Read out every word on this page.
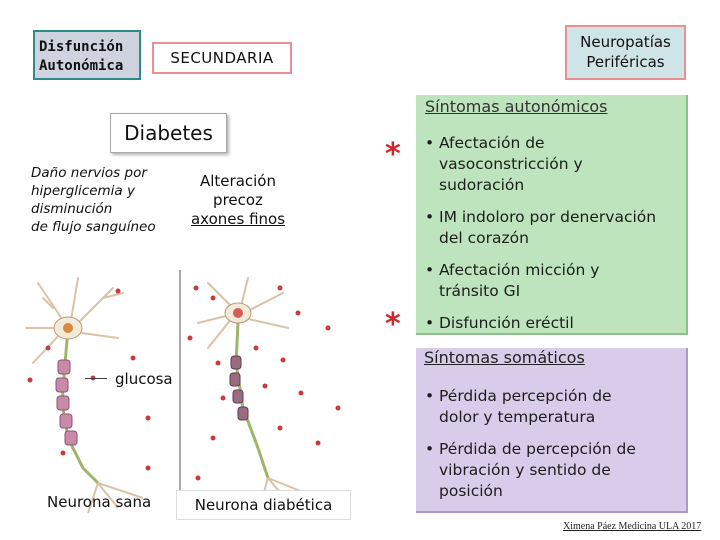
Disfunción
Autonómica	SECUNDARIA
Neuropatías
Periféricas
Diabetes
Daño nervios por
hiperglicemia y
disminución
de flujo sanguíneo
Alteración
precoz
axones finos
glucosa
Neurona sana	Neurona diabética
*
*
Síntomas autonómicos
• Afectación de
vasoconstricción y
sudoración
• IM indoloro por denervación
del corazón
• Afectación micción y
tránsito GI
• Disfunción eréctil
Síntomas somáticos
• Pérdida percepción de
dolor y temperatura
• Pérdida de percepción de
vibración y sentido de
posición
Ximena Páez Medicina ULA 2017
